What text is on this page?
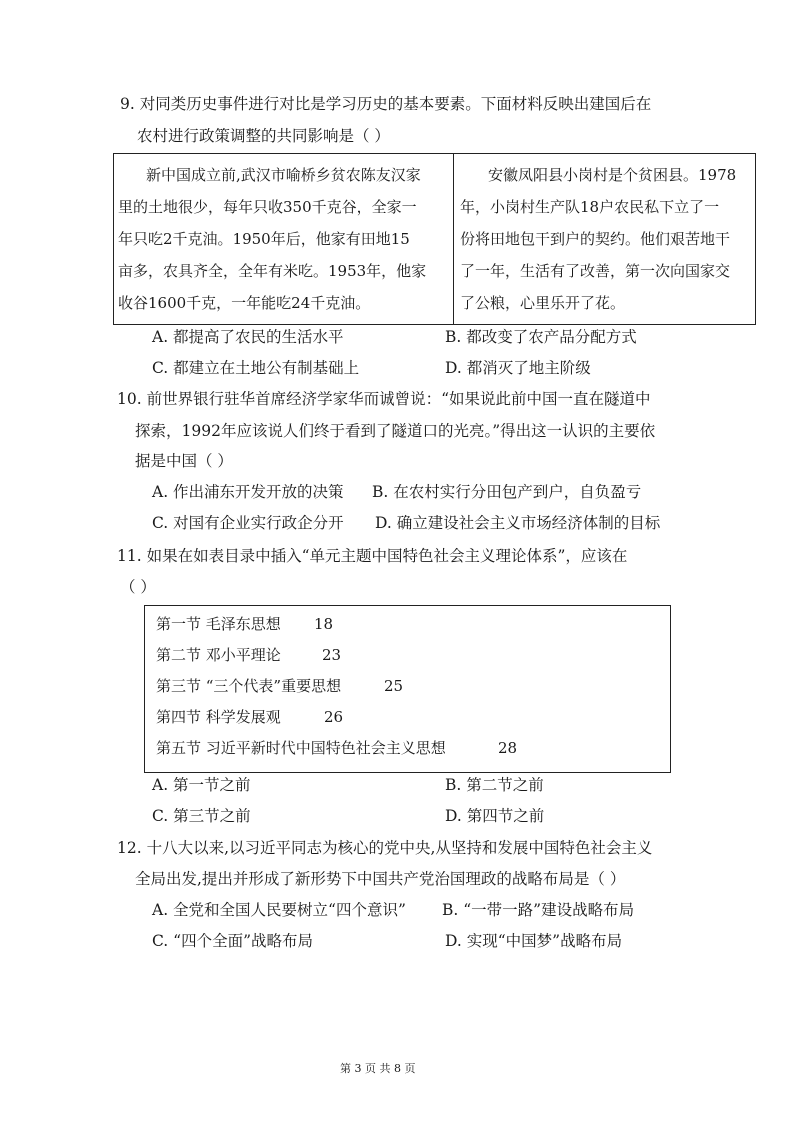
9. 对同类历史事件进行对比是学习历史的基本要素。下面材料反映出建国后在
农村进行政策调整的共同影响是（ ）
新中国成立前,武汉市喻桥乡贫农陈友汉家
里的土地很少，每年只收350千克谷，全家一
年只吃2千克油。1950年后，他家有田地15
亩多，农具齐全，全年有米吃。1953年，他家
收谷1600千克，一年能吃24千克油。
安徽凤阳县小岗村是个贫困县。1978
年，小岗村生产队18户农民私下立了一
份将田地包干到户的契约。他们艰苦地干
了一年，生活有了改善，第一次向国家交
了公粮，心里乐开了花。
A. 都提高了农民的生活水平	B. 都改变了农产品分配方式
C. 都建立在土地公有制基础上	D. 都消灭了地主阶级
10. 前世界银行驻华首席经济学家华而诚曾说：“如果说此前中国一直在隧道中
探索，1992年应该说人们终于看到了隧道口的光亮。”得出这一认识的主要依
据是中国（ ）
A. 作出浦东开发开放的决策 B. 在农村实行分田包产到户，自负盈亏
C. 对国有企业实行政企分开 D. 确立建设社会主义市场经济体制的目标
11. 如果在如表目录中插入“单元主题中国特色社会主义理论体系”，应该在
（ ）
第一节 毛泽东思想 18
第二节 邓小平理论	23
第三节 “三个代表”重要思想	25
第四节 科学发展观	26
第五节 习近平新时代中国特色社会主义思想	28
A. 第一节之前	B. 第二节之前
C. 第三节之前	D. 第四节之前
12. 十八大以来,以习近平同志为核心的党中央,从坚持和发展中国特色社会主义
全局出发,提出并形成了新形势下中国共产党治国理政的战略布局是（ ）
A. 全党和全国人民要树立“四个意识” B. “一带一路”建设战略布局
C. “四个全面”战略布局	D. 实现“中国梦”战略布局
第 3 页 共 8 页
